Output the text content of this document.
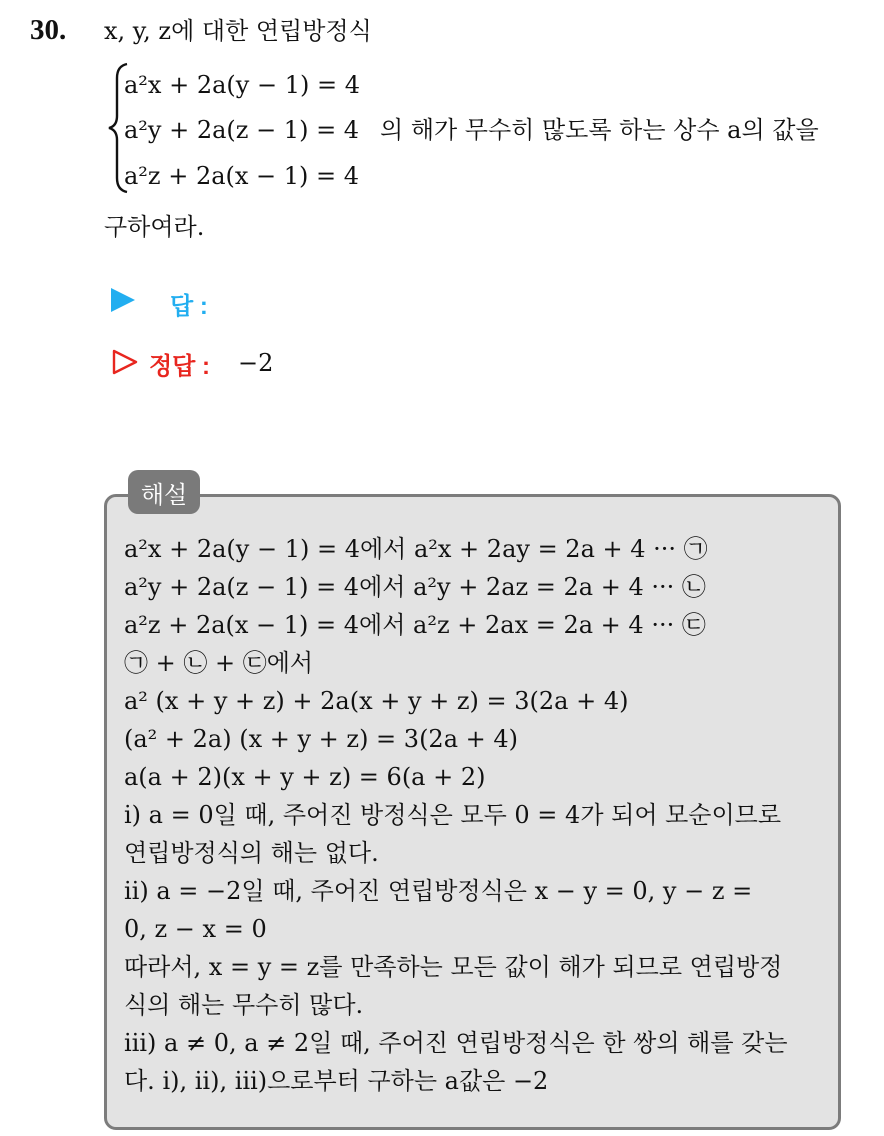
30. x, y, z에 대한 연립방정식
a²x + 2a(y − 1) = 4
a²y + 2a(z − 1) = 4
a²z + 2a(x − 1) = 4
의 해가 무수히 많도록 하는 상수 a의 값을
구하여라.
답 :
정답 : −2
해설
a²x + 2a(y − 1) = 4에서 a²x + 2ay = 2a + 4 ··· ㉠
a²y + 2a(z − 1) = 4에서 a²y + 2az = 2a + 4 ··· ㉡
a²z + 2a(x − 1) = 4에서 a²z + 2ax = 2a + 4 ··· ㉢
㉠ + ㉡ + ㉢에서
a² (x + y + z) + 2a(x + y + z) = 3(2a + 4)
(a² + 2a) (x + y + z) = 3(2a + 4)
a(a + 2)(x + y + z) = 6(a + 2)
ⅰ) a = 0일 때, 주어진 방정식은 모두 0 = 4가 되어 모순이므로
연립방정식의 해는 없다.
ⅱ) a = −2일 때, 주어진 연립방정식은 x − y = 0, y − z =
0, z − x = 0
따라서, x = y = z를 만족하는 모든 값이 해가 되므로 연립방정
식의 해는 무수히 많다.
ⅲ) a ≠ 0, a ≠ 2일 때, 주어진 연립방정식은 한 쌍의 해를 갖는
다. ⅰ), ⅱ), ⅲ)으로부터 구하는 a값은 −2
